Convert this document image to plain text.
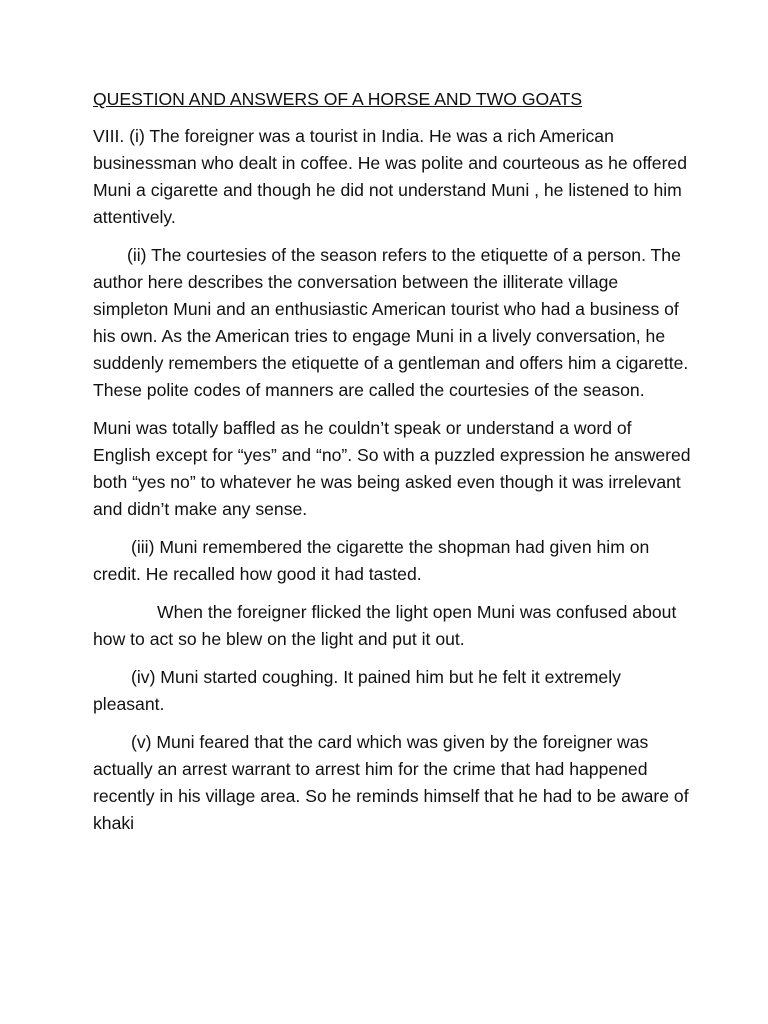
QUESTION AND ANSWERS OF A HORSE AND TWO GOATS

VIII. (i) The foreigner was a tourist in India. He was a rich American businessman who dealt in coffee. He was polite and courteous as he offered Muni a cigarette and though he did not understand Muni , he listened to him attentively.

(ii) The courtesies of the season refers to the etiquette of a person. The author here describes the conversation between the illiterate village simpleton Muni and an enthusiastic American tourist who had a business of his own. As the American tries to engage Muni in a lively conversation, he suddenly remembers the etiquette of a gentleman and offers him a cigarette. These polite codes of manners are called the courtesies of the season.

Muni was totally baffled as he couldn’t speak or understand a word of English except for “yes” and “no”. So with a puzzled expression he answered both “yes no” to whatever he was being asked even though it was irrelevant and didn’t make any sense.

(iii) Muni remembered the cigarette the shopman had given him on credit. He recalled how good it had tasted.

When the foreigner flicked the light open Muni was confused about how to act so he blew on the light and put it out.

(iv) Muni started coughing. It pained him but he felt it extremely pleasant.

(v) Muni feared that the card which was given by the foreigner was actually an arrest warrant to arrest him for the crime that had happened recently in his village area. So he reminds himself that he had to be aware of khaki
